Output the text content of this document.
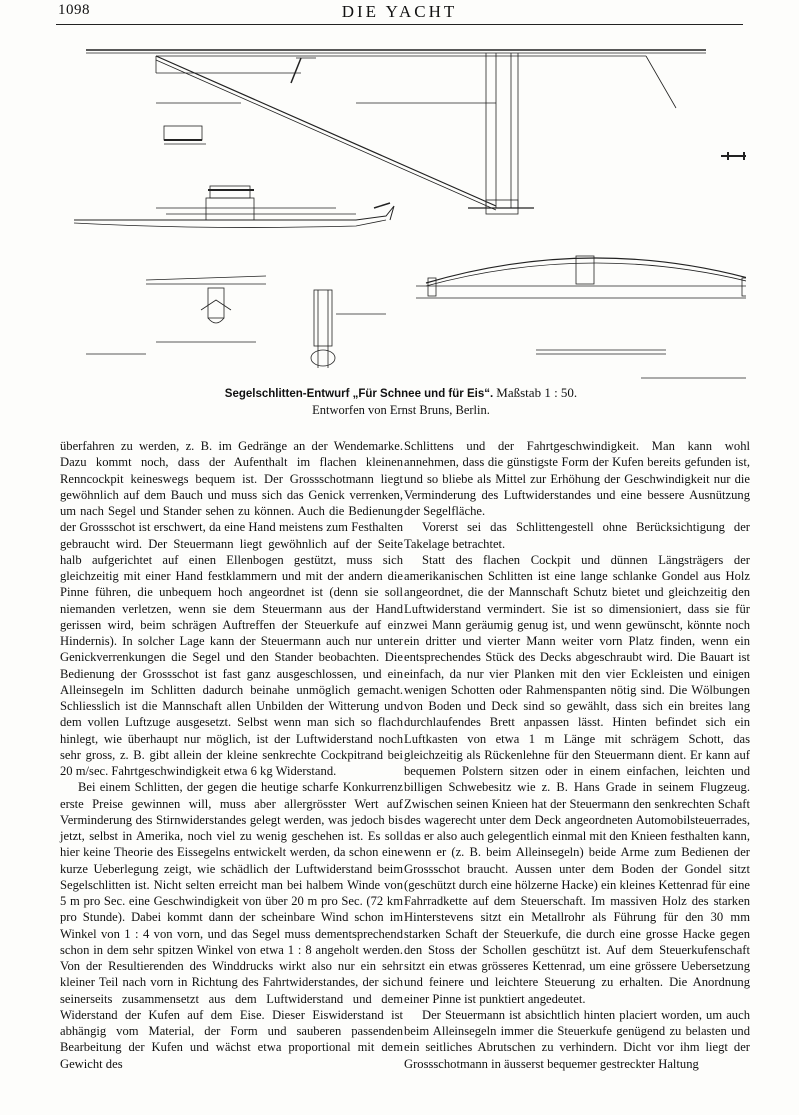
1098	DIE YACHT
Segelschlitten-Entwurf „Für Schnee und für Eis“. Maßstab 1 : 50.
Entworfen von Ernst Bruns, Berlin.

überfahren zu werden, z. B. im Gedränge an der Wendemarke. Dazu kommt noch, dass der Aufenthalt im flachen kleinen Renncockpit keineswegs bequem ist. Der Grossschotmann liegt gewöhnlich auf dem Bauch und muss sich das Genick verrenken, um nach Segel und Stander sehen zu können. Auch die Bedienung der Grossschot ist erschwert, da eine Hand meistens zum Festhalten gebraucht wird. Der Steuermann liegt gewöhnlich auf der Seite halb aufgerichtet auf einen Ellenbogen gestützt, muss sich gleichzeitig mit einer Hand festklammern und mit der andern die Pinne führen, die unbequem hoch angeordnet ist (denn sie soll niemanden verletzen, wenn sie dem Steuermann aus der Hand gerissen wird, beim schrägen Auftreffen der Steuerkufe auf ein Hindernis). In solcher Lage kann der Steuermann auch nur unter Genickverrenkungen die Segel und den Stander beobachten. Die Bedienung der Grossschot ist fast ganz ausgeschlossen, und ein Alleinsegeln im Schlitten dadurch beinahe unmöglich gemacht. Schliesslich ist die Mannschaft allen Unbilden der Witterung und dem vollen Luftzuge ausgesetzt. Selbst wenn man sich so flach hinlegt, wie überhaupt nur möglich, ist der Luftwiderstand noch sehr gross, z. B. gibt allein der kleine senkrechte Cockpitrand bei 20 m/sec. Fahrtgeschwindigkeit etwa 6 kg Widerstand.

Bei einem Schlitten, der gegen die heutige scharfe Konkurrenz erste Preise gewinnen will, muss aber allergrösster Wert auf Verminderung des Stirnwiderstandes gelegt werden, was jedoch bis jetzt, selbst in Amerika, noch viel zu wenig geschehen ist. Es soll hier keine Theorie des Eissegelns entwickelt werden, da schon eine kurze Ueberlegung zeigt, wie schädlich der Luftwiderstand beim Segelschlitten ist. Nicht selten erreicht man bei halbem Winde von 5 m pro Sec. eine Geschwindigkeit von über 20 m pro Sec. (72 km pro Stunde). Dabei kommt dann der scheinbare Wind schon im Winkel von 1 : 4 von vorn, und das Segel muss dementsprechend schon in dem sehr spitzen Winkel von etwa 1 : 8 angeholt werden. Von der Resultierenden des Winddrucks wirkt also nur ein sehr kleiner Teil nach vorn in Richtung des Fahrtwiderstandes, der sich seinerseits zusammensetzt aus dem Luftwiderstand und dem Widerstand der Kufen auf dem Eise. Dieser Eiswiderstand ist abhängig vom Material, der Form und sauberen passenden Bearbeitung der Kufen und wächst etwa proportional mit dem Gewicht des

Schlittens und der Fahrtgeschwindigkeit. Man kann wohl annehmen, dass die günstigste Form der Kufen bereits gefunden ist, und so bliebe als Mittel zur Erhöhung der Geschwindigkeit nur die Verminderung des Luftwiderstandes und eine bessere Ausnützung der Segelfläche.

Vorerst sei das Schlittengestell ohne Berücksichtigung der Takelage betrachtet.

Statt des flachen Cockpit und dünnen Längsträgers der amerikanischen Schlitten ist eine lange schlanke Gondel aus Holz angeordnet, die der Mannschaft Schutz bietet und gleichzeitig den Luftwiderstand vermindert. Sie ist so dimensioniert, dass sie für zwei Mann geräumig genug ist, und wenn gewünscht, könnte noch ein dritter und vierter Mann weiter vorn Platz finden, wenn ein entsprechendes Stück des Decks abgeschraubt wird. Die Bauart ist einfach, da nur vier Planken mit den vier Eckleisten und einigen wenigen Schotten oder Rahmenspanten nötig sind. Die Wölbungen von Boden und Deck sind so gewählt, dass sich ein breites lang durchlaufendes Brett anpassen lässt. Hinten befindet sich ein Luftkasten von etwa 1 m Länge mit schrägem Schott, das gleichzeitig als Rückenlehne für den Steuermann dient. Er kann auf bequemen Polstern sitzen oder in einem einfachen, leichten und billigen Schwebesitz wie z. B. Hans Grade in seinem Flugzeug. Zwischen seinen Knieen hat der Steuermann den senkrechten Schaft des wagerecht unter dem Deck angeordneten Automobilsteuerrades, das er also auch gelegentlich einmal mit den Knieen festhalten kann, wenn er (z. B. beim Alleinsegeln) beide Arme zum Bedienen der Grossschot braucht. Aussen unter dem Boden der Gondel sitzt (geschützt durch eine hölzerne Hacke) ein kleines Kettenrad für eine Fahrradkette auf dem Steuerschaft. Im massiven Holz des starken Hinterstevens sitzt ein Metallrohr als Führung für den 30 mm starken Schaft der Steuerkufe, die durch eine grosse Hacke gegen den Stoss der Schollen geschützt ist. Auf dem Steuerkufenschaft sitzt ein etwas grösseres Kettenrad, um eine grössere Uebersetzung und feinere und leichtere Steuerung zu erhalten. Die Anordnung einer Pinne ist punktiert angedeutet.

Der Steuermann ist absichtlich hinten placiert worden, um auch beim Alleinsegeln immer die Steuerkufe genügend zu belasten und ein seitliches Abrutschen zu verhindern. Dicht vor ihm liegt der Grossschotmann in äusserst bequemer gestreckter Haltung
